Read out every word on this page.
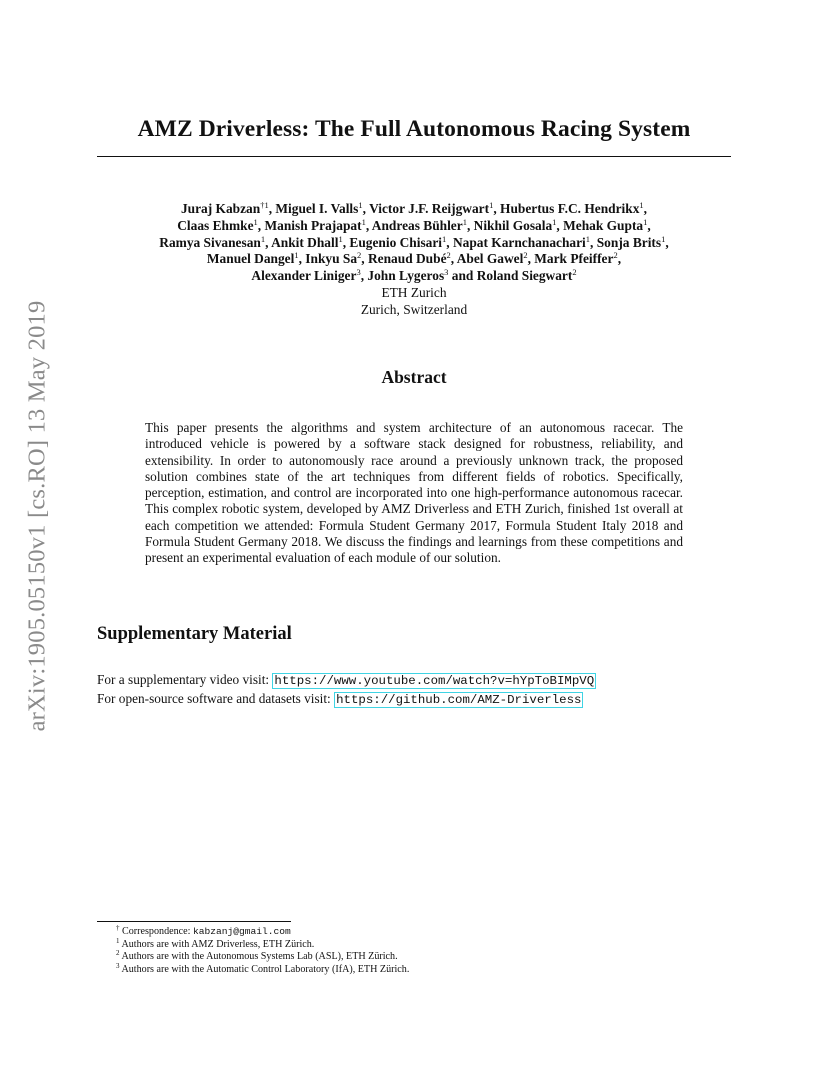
arXiv:1905.05150v1 [cs.RO] 13 May 2019
AMZ Driverless: The Full Autonomous Racing System
Juraj Kabzan$^{\dagger 1}$, Miguel I. Valls$^1$, Victor J.F. Reijgwart$^1$, Hubertus F.C. Hendrikx$^1$,
Claas Ehmke$^1$, Manish Prajapat$^1$, Andreas Bühler$^1$, Nikhil Gosala$^1$, Mehak Gupta$^1$,
Ramya Sivanesan$^1$, Ankit Dhall$^1$, Eugenio Chisari$^1$, Napat Karnchanachari$^1$, Sonja Brits$^1$,
Manuel Dangel$^1$, Inkyu Sa$^2$, Renaud Dubé$^2$, Abel Gawel$^2$, Mark Pfeiffer$^2$,
Alexander Liniger$^3$, John Lygeros$^3$ and Roland Siegwart$^2$
ETH Zurich
Zurich, Switzerland
Abstract
This paper presents the algorithms and system architecture of an autonomous racecar. The introduced vehicle is powered by a software stack designed for robustness, reliability, and extensibility. In order to autonomously race around a previously unknown track, the proposed solution combines state of the art techniques from different fields of robotics. Specifically, perception, estimation, and control are incorporated into one high-performance autonomous racecar. This complex robotic system, developed by AMZ Driverless and ETH Zurich, finished 1st overall at each competition we attended: Formula Student Germany 2017, Formula Student Italy 2018 and Formula Student Germany 2018. We discuss the findings and learnings from these competitions and present an experimental evaluation of each module of our solution.
Supplementary Material
For a supplementary video visit: https://www.youtube.com/watch?v=hYpToBIMpVQ
For open-source software and datasets visit: https://github.com/AMZ-Driverless
† Correspondence: kabzanj@gmail.com
$^1$ Authors are with AMZ Driverless, ETH Zürich.
$^2$ Authors are with the Autonomous Systems Lab (ASL), ETH Zürich.
$^3$ Authors are with the Automatic Control Laboratory (IfA), ETH Zürich.
